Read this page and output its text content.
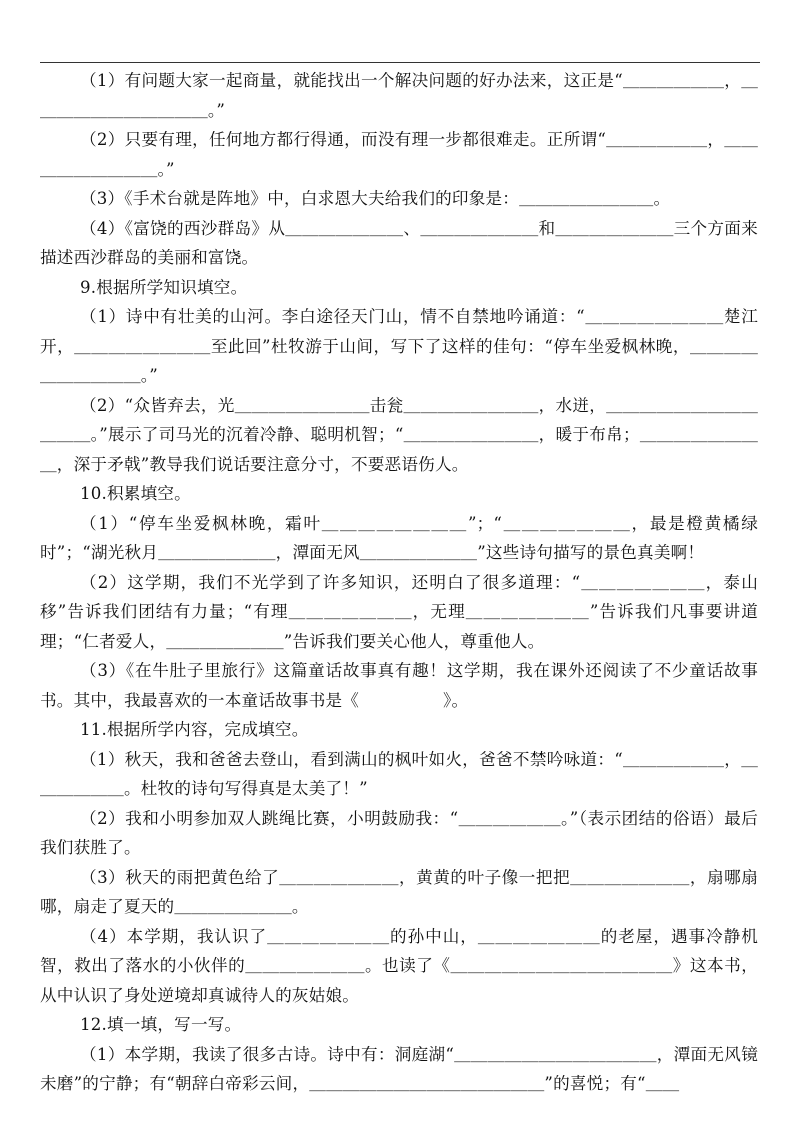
（1）有问题大家一起商量，就能找出一个解决问题的好办法来，这正是“＿＿＿＿＿＿，＿＿＿＿＿＿＿＿＿＿＿。”

（2）只要有理，任何地方都行得通，而没有理一步都很难走。正所谓“＿＿＿＿＿＿，＿＿＿＿＿＿＿＿＿。”

（3）《手术台就是阵地》中，白求恩大夫给我们的印象是：＿＿＿＿＿＿＿＿。

（4）《富饶的西沙群岛》从＿＿＿＿＿＿＿、＿＿＿＿＿＿＿和＿＿＿＿＿＿＿三个方面来描述西沙群岛的美丽和富饶。

9.根据所学知识填空。

（1）诗中有壮美的山河。李白途径天门山，情不自禁地吟诵道：“＿＿＿＿＿＿＿＿楚江开，＿＿＿＿＿＿＿＿至此回”杜牧游于山间，写下了这样的佳句：“停车坐爱枫林晚，＿＿＿＿＿＿＿＿＿＿。”

（2）“众皆弃去，光＿＿＿＿＿＿＿＿击瓮＿＿＿＿＿＿＿＿，水迸，＿＿＿＿＿＿＿＿＿＿＿＿。”展示了司马光的沉着冷静、聪明机智；“＿＿＿＿＿＿＿＿，暖于布帛；＿＿＿＿＿＿＿＿，深于矛戟”教导我们说话要注意分寸，不要恶语伤人。

10.积累填空。

（1）“停车坐爱枫林晚，霜叶＿＿＿＿＿＿＿＿”；“＿＿＿＿＿＿＿，最是橙黄橘绿时”；“湖光秋月＿＿＿＿＿＿＿，潭面无风＿＿＿＿＿＿＿”这些诗句描写的景色真美啊！

（2）这学期，我们不光学到了许多知识，还明白了很多道理：“＿＿＿＿＿＿＿，泰山移”告诉我们团结有力量；“有理＿＿＿＿＿＿＿，无理＿＿＿＿＿＿＿”告诉我们凡事要讲道理；“仁者爱人，＿＿＿＿＿＿＿”告诉我们要关心他人，尊重他人。

（3）《在牛肚子里旅行》这篇童话故事真有趣！这学期，我在课外还阅读了不少童话故事书。其中，我最喜欢的一本童话故事书是《　　　　　》。

11.根据所学内容，完成填空。

（1）秋天，我和爸爸去登山，看到满山的枫叶如火，爸爸不禁吟咏道：“＿＿＿＿＿＿，＿＿＿＿＿＿。杜牧的诗句写得真是太美了！”

（2）我和小明参加双人跳绳比赛，小明鼓励我：“＿＿＿＿＿＿。”（表示团结的俗语）最后我们获胜了。

（3）秋天的雨把黄色给了＿＿＿＿＿＿＿，黄黄的叶子像一把把＿＿＿＿＿＿＿，扇哪扇哪，扇走了夏天的＿＿＿＿＿＿＿。

（4）本学期，我认识了＿＿＿＿＿＿＿的孙中山，＿＿＿＿＿＿＿的老屋，遇事冷静机智，救出了落水的小伙伴的＿＿＿＿＿＿＿。也读了《＿＿＿＿＿＿＿＿＿＿＿＿＿》这本书，从中认识了身处逆境却真诚待人的灰姑娘。

12.填一填，写一写。

（1）本学期，我读了很多古诗。诗中有：洞庭湖“＿＿＿＿＿＿＿＿＿＿＿＿，潭面无风镜未磨”的宁静；有“朝辞白帝彩云间，＿＿＿＿＿＿＿＿＿＿＿＿＿＿”的喜悦；有“＿＿
